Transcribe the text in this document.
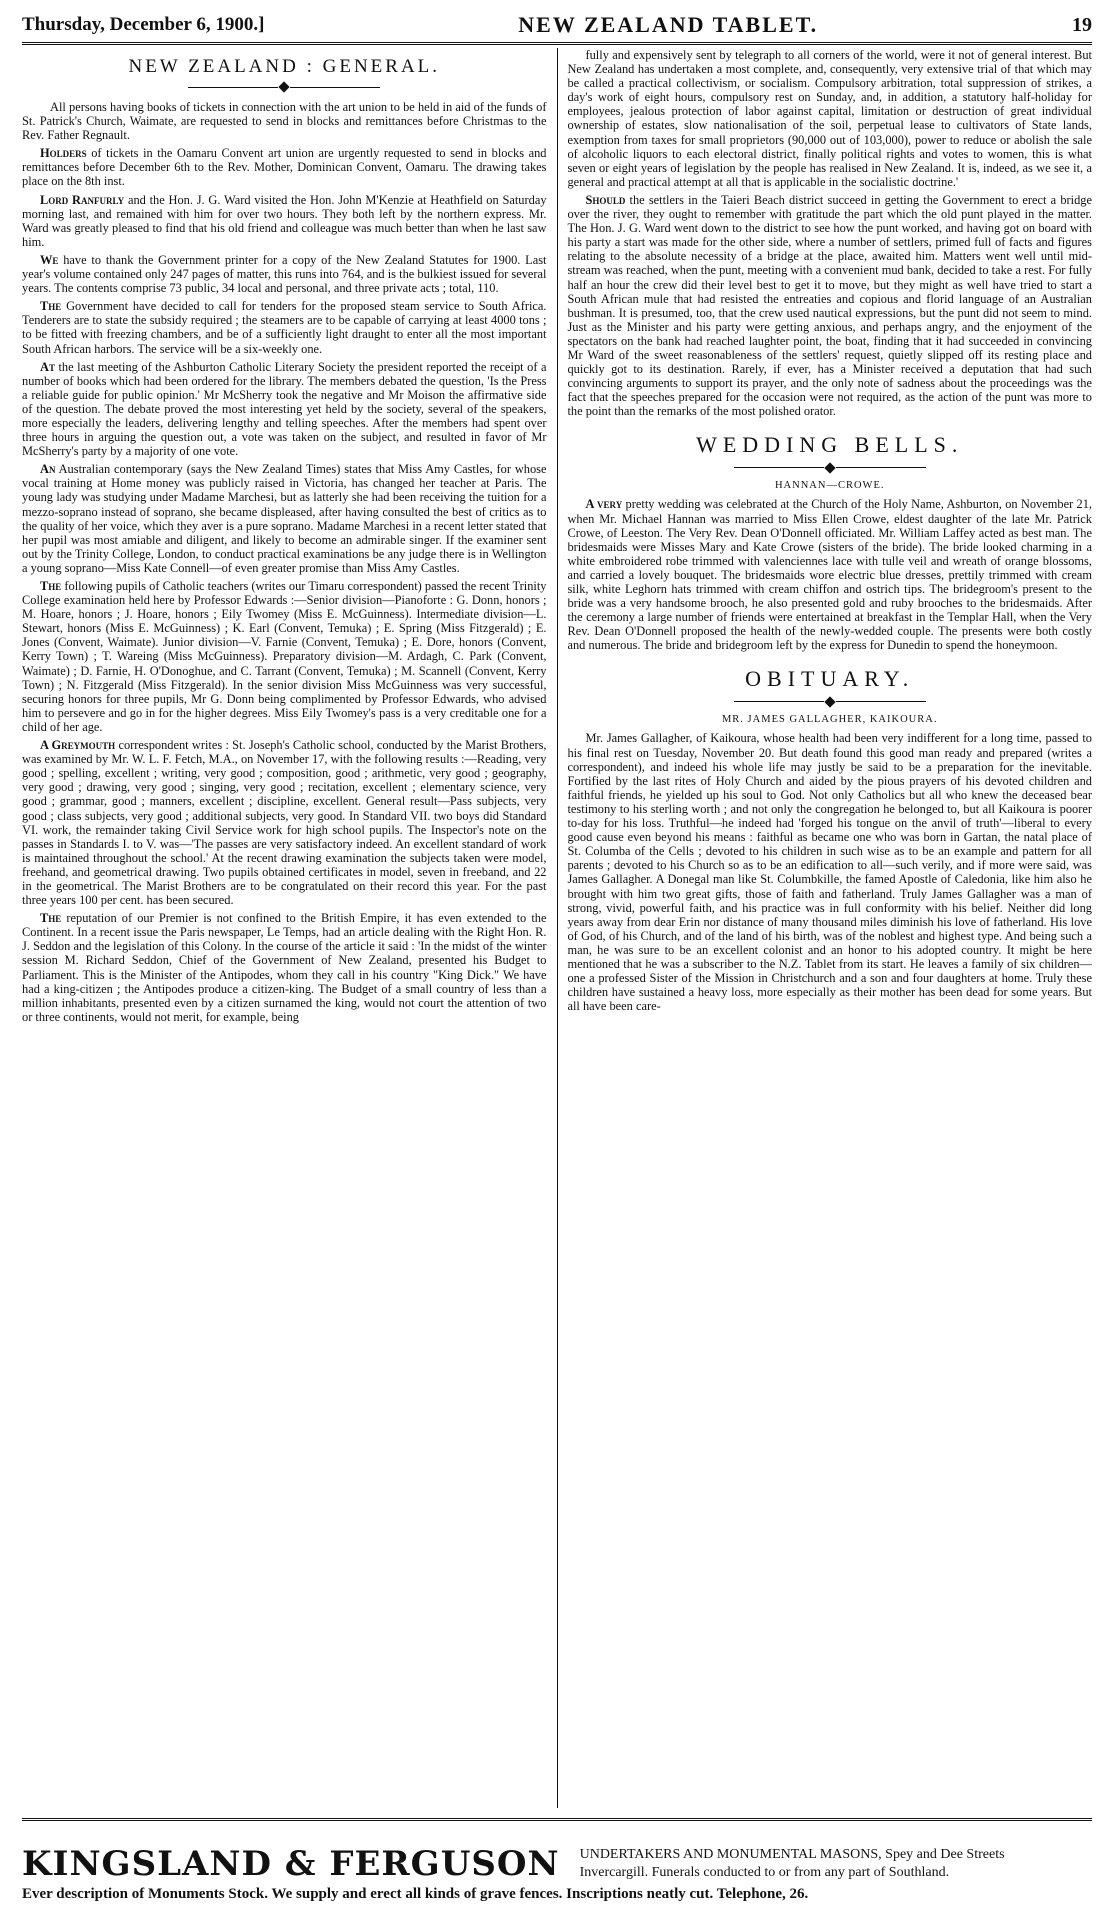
Thursday, December 6, 1900.]	NEW ZEALAND TABLET.	19
NEW ZEALAND : GENERAL.

All persons having books of tickets in connection with the art union to be held in aid of the funds of St. Patrick's Church, Waimate, are requested to send in blocks and remittances before Christmas to the Rev. Father Regnault.

Holders of tickets in the Oamaru Convent art union are urgently requested to send in blocks and remittances before December 6th to the Rev. Mother, Dominican Convent, Oamaru. The drawing takes place on the 8th inst.

Lord Ranfurly and the Hon. J. G. Ward visited the Hon. John M'Kenzie at Heathfield on Saturday morning last, and remained with him for over two hours. They both left by the northern express. Mr. Ward was greatly pleased to find that his old friend and colleague was much better than when he last saw him.

We have to thank the Government printer for a copy of the New Zealand Statutes for 1900. Last year's volume contained only 247 pages of matter, this runs into 764, and is the bulkiest issued for several years. The contents comprise 73 public, 34 local and personal, and three private acts ; total, 110.

The Government have decided to call for tenders for the proposed steam service to South Africa. Tenderers are to state the subsidy required ; the steamers are to be capable of carrying at least 4000 tons ; to be fitted with freezing chambers, and be of a sufficiently light draught to enter all the most important South African harbors. The service will be a six-weekly one.

At the last meeting of the Ashburton Catholic Literary Society the president reported the receipt of a number of books which had been ordered for the library. The members debated the question, 'Is the Press a reliable guide for public opinion.' Mr McSherry took the negative and Mr Moison the affirmative side of the question. The debate proved the most interesting yet held by the society, several of the speakers, more especially the leaders, delivering lengthy and telling speeches. After the members had spent over three hours in arguing the question out, a vote was taken on the subject, and resulted in favor of Mr McSherry's party by a majority of one vote.

An Australian contemporary (says the New Zealand Times) states that Miss Amy Castles, for whose vocal training at Home money was publicly raised in Victoria, has changed her teacher at Paris. The young lady was studying under Madame Marchesi, but as latterly she had been receiving the tuition for a mezzo-soprano instead of soprano, she became displeased, after having consulted the best of critics as to the quality of her voice, which they aver is a pure soprano. Madame Marchesi in a recent letter stated that her pupil was most amiable and diligent, and likely to become an admirable singer. If the examiner sent out by the Trinity College, London, to conduct practical examinations be any judge there is in Wellington a young soprano—Miss Kate Connell—of even greater promise than Miss Amy Castles.

The following pupils of Catholic teachers (writes our Timaru correspondent) passed the recent Trinity College examination held here by Professor Edwards :—Senior division—Pianoforte : G. Donn, honors ; M. Hoare, honors ; J. Hoare, honors ; Eily Twomey (Miss E. McGuinness). Intermediate division—L. Stewart, honors (Miss E. McGuinness) ; K. Earl (Convent, Temuka) ; E. Spring (Miss Fitzgerald) ; E. Jones (Convent, Waimate). Junior division—V. Farnie (Convent, Temuka) ; E. Dore, honors (Convent, Kerry Town) ; T. Wareing (Miss McGuinness). Preparatory division—M. Ardagh, C. Park (Convent, Waimate) ; D. Farnie, H. O'Donoghue, and C. Tarrant (Convent, Temuka) ; M. Scannell (Convent, Kerry Town) ; N. Fitzgerald (Miss Fitzgerald). In the senior division Miss McGuinness was very successful, securing honors for three pupils, Mr G. Donn being complimented by Professor Edwards, who advised him to persevere and go in for the higher degrees. Miss Eily Twomey's pass is a very creditable one for a child of her age.

A Greymouth correspondent writes : St. Joseph's Catholic school, conducted by the Marist Brothers, was examined by Mr. W. L. F. Fetch, M.A., on November 17, with the following results :—Reading, very good ; spelling, excellent ; writing, very good ; composition, good ; arithmetic, very good ; geography, very good ; drawing, very good ; singing, very good ; recitation, excellent ; elementary science, very good ; grammar, good ; manners, excellent ; discipline, excellent. General result—Pass subjects, very good ; class subjects, very good ; additional subjects, very good. In Standard VII. two boys did Standard VI. work, the remainder taking Civil Service work for high school pupils. The Inspector's note on the passes in Standards I. to V. was—'The passes are very satisfactory indeed. An excellent standard of work is maintained throughout the school.' At the recent drawing examination the subjects taken were model, freehand, and geometrical drawing. Two pupils obtained certificates in model, seven in freeband, and 22 in the geometrical. The Marist Brothers are to be congratulated on their record this year. For the past three years 100 per cent. has been secured.

The reputation of our Premier is not confined to the British Empire, it has even extended to the Continent. In a recent issue the Paris newspaper, Le Temps, had an article dealing with the Right Hon. R. J. Seddon and the legislation of this Colony. In the course of the article it said : 'In the midst of the winter session M. Richard Seddon, Chief of the Government of New Zealand, presented his Budget to Parliament. This is the Minister of the Antipodes, whom they call in his country "King Dick." We have had a king-citizen ; the Antipodes produce a citizen-king. The Budget of a small country of less than a million inhabitants, presented even by a citizen surnamed the king, would not court the attention of two or three continents, would not merit, for example, being

fully and expensively sent by telegraph to all corners of the world, were it not of general interest. But New Zealand has undertaken a most complete, and, consequently, very extensive trial of that which may be called a practical collectivism, or socialism. Compulsory arbitration, total suppression of strikes, a day's work of eight hours, compulsory rest on Sunday, and, in addition, a statutory half-holiday for employees, jealous protection of labor against capital, limitation or destruction of great individual ownership of estates, slow nationalisation of the soil, perpetual lease to cultivators of State lands, exemption from taxes for small proprietors (90,000 out of 103,000), power to reduce or abolish the sale of alcoholic liquors to each electoral district, finally political rights and votes to women, this is what seven or eight years of legislation by the people has realised in New Zealand. It is, indeed, as we see it, a general and practical attempt at all that is applicable in the socialistic doctrine.'

Should the settlers in the Taieri Beach district succeed in getting the Government to erect a bridge over the river, they ought to remember with gratitude the part which the old punt played in the matter. The Hon. J. G. Ward went down to the district to see how the punt worked, and having got on board with his party a start was made for the other side, where a number of settlers, primed full of facts and figures relating to the absolute necessity of a bridge at the place, awaited him. Matters went well until mid-stream was reached, when the punt, meeting with a convenient mud bank, decided to take a rest. For fully half an hour the crew did their level best to get it to move, but they might as well have tried to start a South African mule that had resisted the entreaties and copious and florid language of an Australian bushman. It is presumed, too, that the crew used nautical expressions, but the punt did not seem to mind. Just as the Minister and his party were getting anxious, and perhaps angry, and the enjoyment of the spectators on the bank had reached laughter point, the boat, finding that it had succeeded in convincing Mr Ward of the sweet reasonableness of the settlers' request, quietly slipped off its resting place and quickly got to its destination. Rarely, if ever, has a Minister received a deputation that had such convincing arguments to support its prayer, and the only note of sadness about the proceedings was the fact that the speeches prepared for the occasion were not required, as the action of the punt was more to the point than the remarks of the most polished orator.

WEDDING BELLS.
HANNAN—CROWE.

A very pretty wedding was celebrated at the Church of the Holy Name, Ashburton, on November 21, when Mr. Michael Hannan was married to Miss Ellen Crowe, eldest daughter of the late Mr. Patrick Crowe, of Leeston. The Very Rev. Dean O'Donnell officiated. Mr. William Laffey acted as best man. The bridesmaids were Misses Mary and Kate Crowe (sisters of the bride). The bride looked charming in a white embroidered robe trimmed with valenciennes lace with tulle veil and wreath of orange blossoms, and carried a lovely bouquet. The bridesmaids wore electric blue dresses, prettily trimmed with cream silk, white Leghorn hats trimmed with cream chiffon and ostrich tips. The bridegroom's present to the bride was a very handsome brooch, he also presented gold and ruby brooches to the bridesmaids. After the ceremony a large number of friends were entertained at breakfast in the Templar Hall, when the Very Rev. Dean O'Donnell proposed the health of the newly-wedded couple. The presents were both costly and numerous. The bride and bridegroom left by the express for Dunedin to spend the honeymoon.

OBITUARY.
MR. JAMES GALLAGHER, KAIKOURA.

Mr. James Gallagher, of Kaikoura, whose health had been very indifferent for a long time, passed to his final rest on Tuesday, November 20. But death found this good man ready and prepared (writes a correspondent), and indeed his whole life may justly be said to be a preparation for the inevitable. Fortified by the last rites of Holy Church and aided by the pious prayers of his devoted children and faithful friends, he yielded up his soul to God. Not only Catholics but all who knew the deceased bear testimony to his sterling worth ; and not only the congregation he belonged to, but all Kaikoura is poorer to-day for his loss. Truthful—he indeed had 'forged his tongue on the anvil of truth'—liberal to every good cause even beyond his means : faithful as became one who was born in Gartan, the natal place of St. Columba of the Cells ; devoted to his children in such wise as to be an example and pattern for all parents ; devoted to his Church so as to be an edification to all—such verily, and if more were said, was James Gallagher. A Donegal man like St. Columbkille, the famed Apostle of Caledonia, like him also he brought with him two great gifts, those of faith and fatherland. Truly James Gallagher was a man of strong, vivid, powerful faith, and his practice was in full conformity with his belief. Neither did long years away from dear Erin nor distance of many thousand miles diminish his love of fatherland. His love of God, of his Church, and of the land of his birth, was of the noblest and highest type. And being such a man, he was sure to be an excellent colonist and an honor to his adopted country. It might be here mentioned that he was a subscriber to the N.Z. Tablet from its start. He leaves a family of six children—one a professed Sister of the Mission in Christchurch and a son and four daughters at home. Truly these children have sustained a heavy loss, more especially as their mother has been dead for some years. But all have been care-

KINGSLAND & FERGUSON UNDERTAKERS AND MONUMENTAL MASONS, Spey and Dee Streets
Invercargill. Funerals conducted to or from any part of Southland.
Ever description of Monuments Stock. We supply and erect all kinds of grave fences. Inscriptions neatly cut. Telephone, 26.
